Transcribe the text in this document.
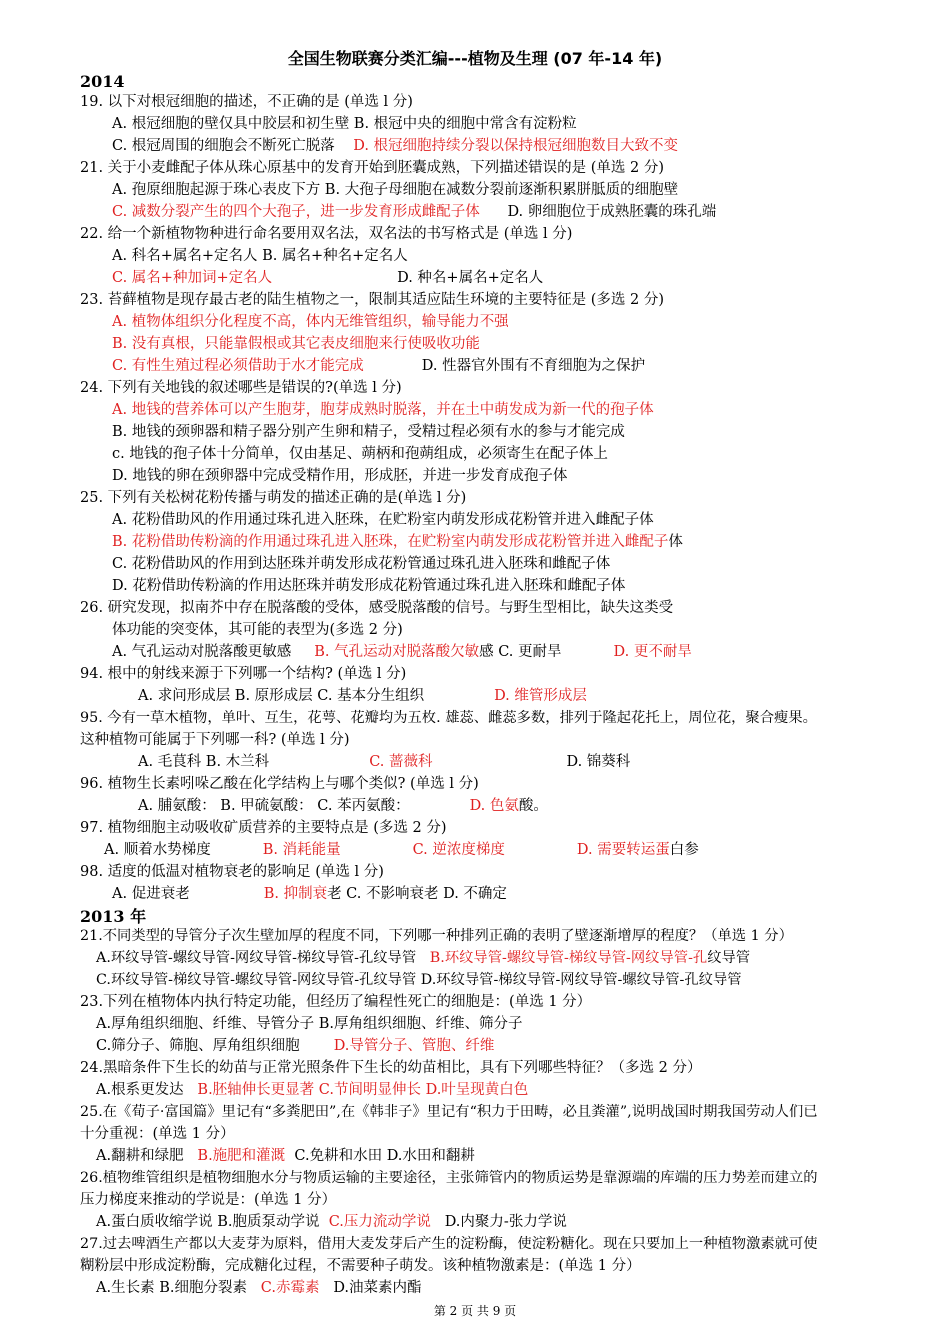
全国生物联赛分类汇编---植物及生理 (07 年-14 年)
2014
19. 以下对根冠细胞的描述，不正确的是 (单选 l 分)
A. 根冠细胞的壁仅具中胶层和初生壁 B. 根冠中央的细胞中常含有淀粉粒
C. 根冠周围的细胞会不断死亡脱落 D. 根冠细胞持续分裂以保持根冠细胞数目大致不变
21. 关于小麦雌配子体从珠心原基中的发育开始到胚囊成熟，下列描述错误的是 (单选 2 分)
A. 孢原细胞起源于珠心表皮下方 B. 大孢子母细胞在减数分裂前逐渐积累胼胝质的细胞壁
C. 减数分裂产生的四个大孢子，进一步发育形成雌配子体 D. 卵细胞位于成熟胚囊的珠孔端
22. 给一个新植物物种进行命名要用双名法，双名法的书写格式是 (单选 l 分)
A. 科名+属名+定名人 B. 属名+种名+定名人
C. 属名+种加词+定名人	D. 种名+属名+定名人
23. 苔藓植物是现存最古老的陆生植物之一，限制其适应陆生环境的主要特征是 (多选 2 分)
A. 植物体组织分化程度不高，体内无维管组织，输导能力不强
B. 没有真根，只能靠假根或其它表皮细胞来行使吸收功能
C. 有性生殖过程必须借助于水才能完成	D. 性器官外围有不育细胞为之保护
24. 下列有关地钱的叙述哪些是错误的?(单选 l 分)
A. 地钱的营养体可以产生胞芽，胞芽成熟时脱落，并在土中萌发成为新一代的孢子体
B. 地钱的颈卵器和精子器分别产生卵和精子，受精过程必须有水的参与才能完成
c. 地钱的孢子体十分简单，仅由基足、蒴柄和孢蒴组成，必须寄生在配子体上
D. 地钱的卵在颈卵器中完成受精作用，形成胚，并进一步发育成孢子体
25. 下列有关松树花粉传播与萌发的描述正确的是(单选 l 分)
A. 花粉借助风的作用通过珠孔进入胚珠，在贮粉室内萌发形成花粉管并进入雌配子体
B. 花粉借助传粉滴的作用通过珠孔进入胚珠，在贮粉室内萌发形成花粉管并进入雌配子体
C. 花粉借助风的作用到达胚珠并萌发形成花粉管通过珠孔进入胚珠和雌配子体
D. 花粉借助传粉滴的作用达胚珠并萌发形成花粉管通过珠孔进入胚珠和雌配子体
26. 研究发现，拟南芥中存在脱落酸的受体，感受脱落酸的信号。与野生型相比，缺失这类受
体功能的突变体，其可能的表型为(多选 2 分)
A. 气孔运动对脱落酸更敏感 B. 气孔运动对脱落酸欠敏感 C. 更耐旱	D. 更不耐旱
94. 根中的射线来源于下列哪一个结构? (单选 l 分)
A. 求问形成层 B. 原形成层 C. 基本分生组织	D. 维管形成层
95. 今有一草木植物，单叶、互生，花萼、花瓣均为五枚. 雄蕊、雌蕊多数，排列于隆起花托上，周位花，聚合瘦果。
这种植物可能属于下列哪一科? (单选 l 分)
A. 毛茛科 B. 木兰科	C. 蔷薇科	D. 锦葵科
96. 植物生长素吲哚乙酸在化学结构上与哪个类似? (单选 l 分)
A. 脯氨酸： B. 甲硫氨酸： C. 苯丙氨酸：	D. 色氨酸。
97. 植物细胞主动吸收矿质营养的主要特点是 (多选 2 分)
A. 顺着水势梯度	B. 消耗能量	C. 逆浓度梯度	D. 需要转运蛋白参
98. 适度的低温对植物衰老的影响足 (单选 l 分)
A. 促进衰老	B. 抑制衰老 C. 不影响衰老 D. 不确定
2013 年
21.不同类型的导管分子次生壁加厚的程度不同，下列哪一种排列正确的表明了壁逐渐增厚的程度？（单选 1 分）
A.环纹导管-螺纹导管-网纹导管-梯纹导管-孔纹导管 B.环纹导管-螺纹导管-梯纹导管-网纹导管-孔纹导管
C.环纹导管-梯纹导管-螺纹导管-网纹导管-孔纹导管 D.环纹导管-梯纹导管-网纹导管-螺纹导管-孔纹导管
23.下列在植物体内执行特定功能，但经历了编程性死亡的细胞是：(单选 1 分）
A.厚角组织细胞、纤维、导管分子 B.厚角组织细胞、纤维、筛分子
C.筛分子、筛胞、厚角组织细胞 D.导管分子、管胞、纤维
24.黑暗条件下生长的幼苗与正常光照条件下生长的幼苗相比，具有下列哪些特征？（多选 2 分）
A.根系更发达 B.胚轴伸长更显著 C.节间明显伸长 D.叶呈现黄白色
25.在《荀子·富国篇》里记有“多粪肥田”,在《韩非子》里记有“积力于田畴，必且粪灌”,说明战国时期我国劳动人们已
十分重视：(单选 1 分）
A.翻耕和绿肥 B.施肥和灌溉 C.免耕和水田 D.水田和翻耕
26.植物维管组织是植物细胞水分与物质运输的主要途径，主张筛管内的物质运势是靠源端的库端的压力势差而建立的
压力梯度来推动的学说是：(单选 1 分）
A.蛋白质收缩学说 B.胞质泵动学说 C.压力流动学说 D.内聚力-张力学说
27.过去啤酒生产都以大麦芽为原料，借用大麦发芽后产生的淀粉酶，使淀粉糖化。现在只要加上一种植物激素就可使
糊粉层中形成淀粉酶，完成糖化过程，不需要种子萌发。该种植物激素是：(单选 1 分）
A.生长素 B.细胞分裂素 C.赤霉素 D.油菜素内酯
第 2 页 共 9 页
